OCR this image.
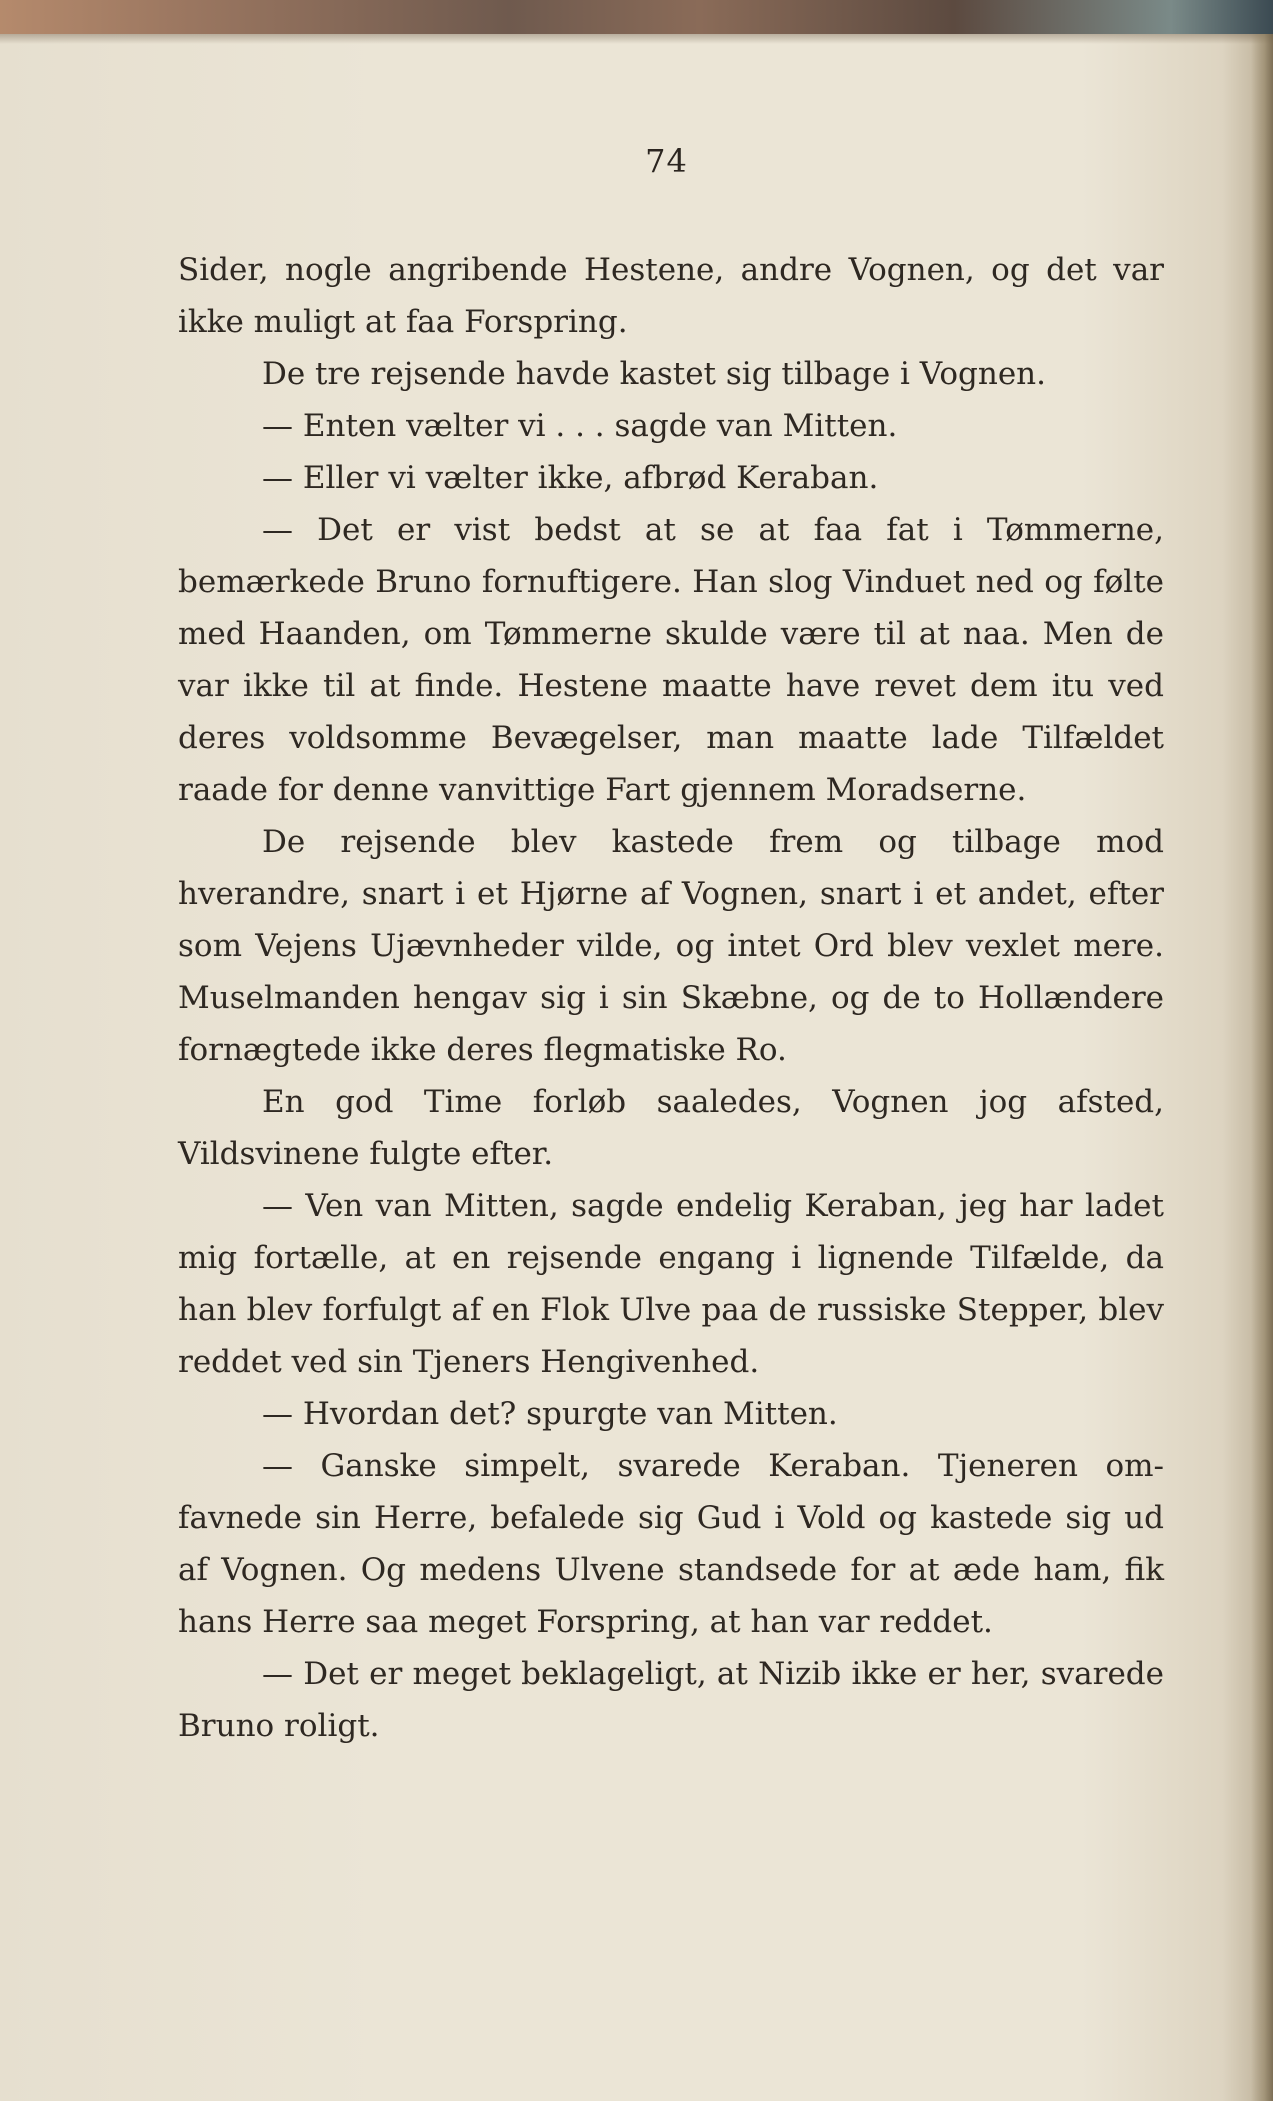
74

Sider, nogle angribende Hestene, andre Vognen, og det var ikke muligt at faa Forspring.

De tre rejsende havde kastet sig tilbage i Vognen.

— Enten vælter vi . . . sagde van Mitten.

— Eller vi vælter ikke, afbrød Keraban.

— Det er vist bedst at se at faa fat i Tømmerne, bemærkede Bruno fornuftigere. Han slog Vinduet ned og følte med Haanden, om Tømmerne skulde være til at naa. Men de var ikke til at finde. Hestene maatte have revet dem itu ved deres voldsomme Bevægelser, man maatte lade Tilfældet raade for denne vanvittige Fart gjennem Moradserne.

De rejsende blev kastede frem og tilbage mod hverandre, snart i et Hjørne af Vognen, snart i et andet, efter som Vejens Ujævnheder vilde, og intet Ord blev vexlet mere. Muselmanden hengav sig i sin Skæbne, og de to Hollændere fornægtede ikke deres flegmatiske Ro.

En god Time forløb saaledes, Vognen jog afsted, Vildsvinene fulgte efter.

— Ven van Mitten, sagde endelig Keraban, jeg har ladet mig fortælle, at en rejsende engang i lignende Tilfælde, da han blev forfulgt af en Flok Ulve paa de russiske Stepper, blev reddet ved sin Tjeners Hengivenhed.

— Hvordan det? spurgte van Mitten.

— Ganske simpelt, svarede Keraban. Tjeneren omfavnede sin Herre, befalede sig Gud i Vold og kastede sig ud af Vognen. Og medens Ulvene standsede for at æde ham, fik hans Herre saa meget Forspring, at han var reddet.

— Det er meget beklageligt, at Nizib ikke er her, svarede Bruno roligt.
